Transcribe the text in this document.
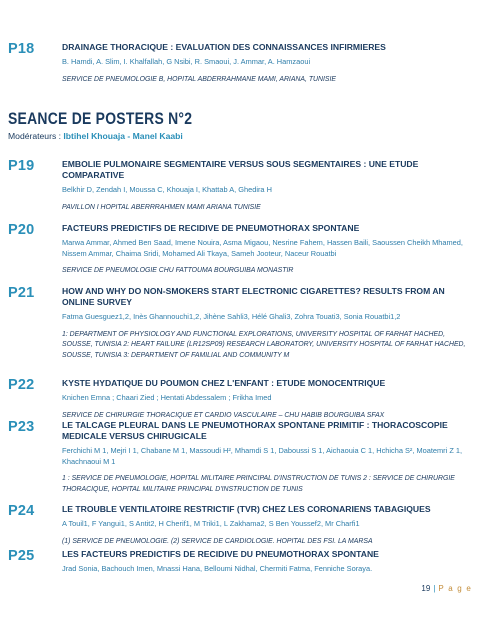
P18	DRAINAGE THORACIQUE : EVALUATION DES CONNAISSANCES INFIRMIERES
B. Hamdi, A. Slim, I. Khalfallah, G Nsibi, R. Smaoui, J. Ammar, A. Hamzaoui
SERVICE DE PNEUMOLOGIE B, HOPITAL ABDERRAHMANE MAMI, ARIANA, TUNISIE
SEANCE DE POSTERS N°2
Modérateurs : Ibtihel Khouaja - Manel Kaabi
P19	EMBOLIE PULMONAIRE SEGMENTAIRE VERSUS SOUS SEGMENTAIRES : UNE ETUDE COMPARATIVE
Belkhir D, Zendah I, Moussa C, Khouaja I, Khattab A, Ghedira H
PAVILLON I HOPITAL ABERRRAHMEN MAMI ARIANA TUNISIE
P20	FACTEURS PREDICTIFS DE RECIDIVE DE PNEUMOTHORAX SPONTANE
Marwa Ammar, Ahmed Ben Saad, Imene Nouira, Asma Migaou, Nesrine Fahem, Hassen Baili, Saoussen Cheikh Mhamed, Nissem Ammar, Chaima Sridi, Mohamed Ali Tkaya, Sameh Jooteur, Naceur Rouatbi
SERVICE DE PNEUMOLOGIE CHU FATTOUMA BOURGUIBA MONASTIR
P21	HOW AND WHY DO NON-SMOKERS START ELECTRONIC CIGARETTES? RESULTS FROM AN ONLINE SURVEY
Fatma Guesguez1,2, Inès Ghannouchi1,2, Jihène Sahli3, Hélé Ghali3, Zohra Touati3, Sonia Rouatbi1,2
1: DEPARTMENT OF PHYSIOLOGY AND FUNCTIONAL EXPLORATIONS, UNIVERSITY HOSPITAL OF FARHAT HACHED, SOUSSE, TUNISIA 2: HEART FAILURE (LR12SP09) RESEARCH LABORATORY, UNIVERSITY HOSPITAL OF FARHAT HACHED, SOUSSE, TUNISIA 3: DEPARTMENT OF FAMILIAL AND COMMUNITY M
P22	KYSTE HYDATIQUE DU POUMON CHEZ L'ENFANT : ETUDE MONOCENTRIQUE
Knichen Emna ; Chaari Zied ; Hentati Abdessalem ; Frikha Imed
SERVICE DE CHIRURGIE THORACIQUE ET CARDIO VASCULAIRE – CHU HABIB BOURGUIBA SFAX
P23	LE TALCAGE PLEURAL DANS LE PNEUMOTHORAX SPONTANE PRIMITIF : THORACOSCOPIE MEDICALE VERSUS CHIRUGICALE
Ferchichi M 1, Mejri I 1, Chabane M 1, Massoudi H², Mhamdi S 1, Daboussi S 1, Aichaouia C 1, Hchicha S², Moatemri Z 1, Khachnaoui M 1
1 : SERVICE DE PNEUMOLOGIE, HOPITAL MILITAIRE PRINCIPAL D'INSTRUCTION DE TUNIS 2 : SERVICE DE CHIRURGIE THORACIQUE, HOPITAL MILITAIRE PRINCIPAL D'INSTRUCTION DE TUNIS
P24	LE TROUBLE VENTILATOIRE RESTRICTIF (TVR) CHEZ LES CORONARIENS TABAGIQUES
A Touil1, F Yangui1, S Antit2, H Cherif1, M Triki1, L Zakhama2, S Ben Youssef2, Mr Charfi1
(1) SERVICE DE PNEUMOLOGIE. (2) SERVICE DE CARDIOLOGIE. HOPITAL DES FSI. LA MARSA
P25	LES FACTEURS PREDICTIFS DE RECIDIVE DU PNEUMOTHORAX SPONTANE
Jrad Sonia, Bachouch Imen, Mnassi Hana, Belloumi Nidhal, Chermiti Fatma, Fenniche Soraya.
19 | P a g e
